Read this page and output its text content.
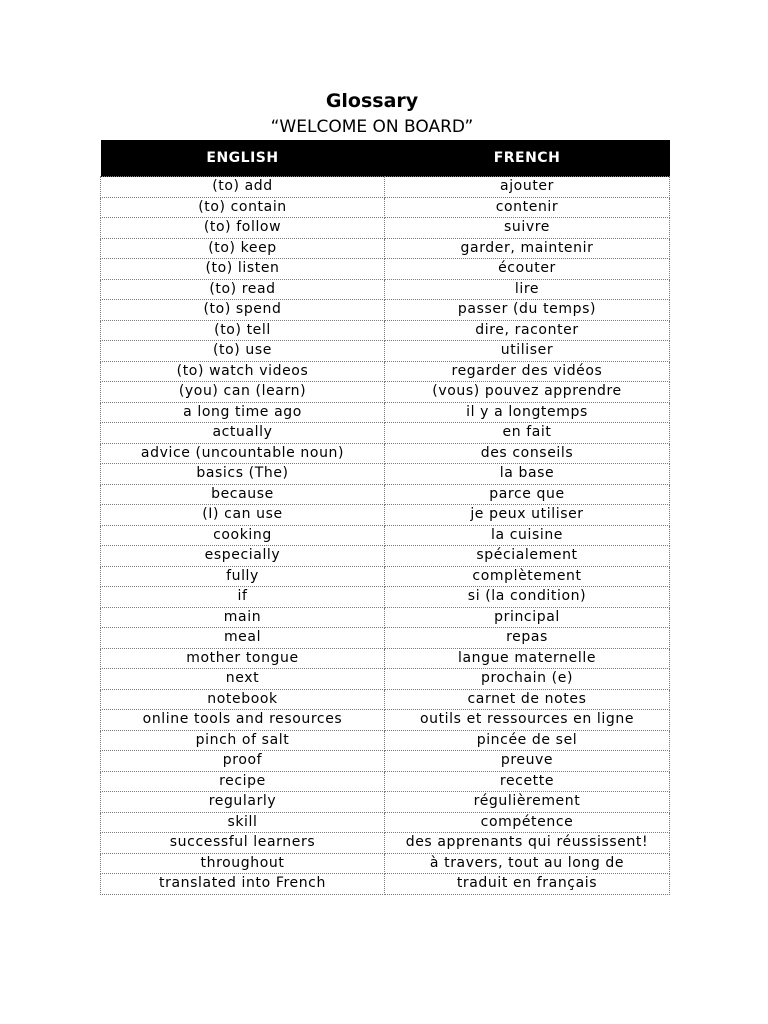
Glossary
“WELCOME ON BOARD”
ENGLISH	FRENCH
(to) add	ajouter
(to) contain	contenir
(to) follow	suivre
(to) keep	garder, maintenir
(to) listen	écouter
(to) read	lire
(to) spend	passer (du temps)
(to) tell	dire, raconter
(to) use	utiliser
(to) watch videos	regarder des vidéos
(you) can (learn)	(vous) pouvez apprendre
a long time ago	il y a longtemps
actually	en fait
advice (uncountable noun)	des conseils
basics (The)	la base
because	parce que
(I) can use	je peux utiliser
cooking	la cuisine
especially	spécialement
fully	complètement
if	si (la condition)
main	principal
meal	repas
mother tongue	langue maternelle
next	prochain (e)
notebook	carnet de notes
online tools and resources	outils et ressources en ligne
pinch of salt	pincée de sel
proof	preuve
recipe	recette
regularly	régulièrement
skill	compétence
successful learners	des apprenants qui réussissent!
throughout	à travers, tout au long de
translated into French	traduit en français
